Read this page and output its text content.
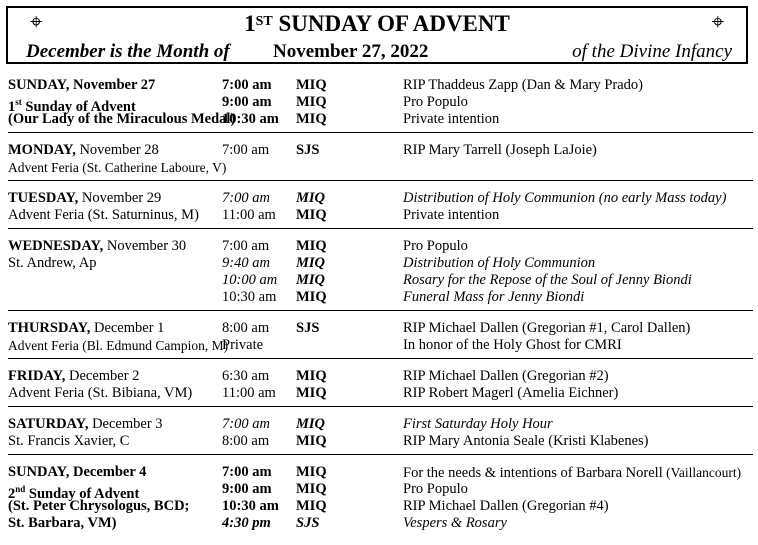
⌖	⌖
1ST SUNDAY OF ADVENT
December is the Month of November 27, 2022	of the Divine Infancy
SUNDAY, November 27	7:00 am MIQ	RIP Thaddeus Zapp (Dan & Mary Prado)
1st Sunday of Advent	9:00 am MIQ	Pro Populo
(Our Lady of the Miraculous Medal)
10:30 am MIQ	Private intention
MONDAY, November 28	7:00 am SJS	RIP Mary Tarrell (Joseph LaJoie)
Advent Feria (St. Catherine Laboure, V)
TUESDAY, November 29	7:00 am MIQ	Distribution of Holy Communion (no early Mass today)
Advent Feria (St. Saturninus, M) 11:00 am MIQ	Private intention
WEDNESDAY, November 30 7:00 am MIQ	Pro Populo
St. Andrew, Ap	9:40 am MIQ	Distribution of Holy Communion
10:00 am MIQ	Rosary for the Repose of the Soul of Jenny Biondi
10:30 am MIQ	Funeral Mass for Jenny Biondi
THURSDAY, December 1	8:00 am SJS	RIP Michael Dallen (Gregorian #1, Carol Dallen)
Advent Feria (Bl. Edmund Campion, M)
Private	In honor of the Holy Ghost for CMRI
FRIDAY, December 2	6:30 am MIQ	RIP Michael Dallen (Gregorian #2)
Advent Feria (St. Bibiana, VM) 11:00 am MIQ	RIP Robert Magerl (Amelia Eichner)
SATURDAY, December 3	7:00 am MIQ	First Saturday Holy Hour
St. Francis Xavier, C	8:00 am MIQ	RIP Mary Antonia Seale (Kristi Klabenes)
SUNDAY, December 4	7:00 am MIQ	For the needs & intentions of Barbara Norell (Vaillancourt)
2nd Sunday of Advent	9:00 am MIQ	Pro Populo
(St. Peter Chrysologus, BCD; 10:30 am MIQ	RIP Michael Dallen (Gregorian #4)
St. Barbara, VM)	4:30 pm SJS	Vespers & Rosary
